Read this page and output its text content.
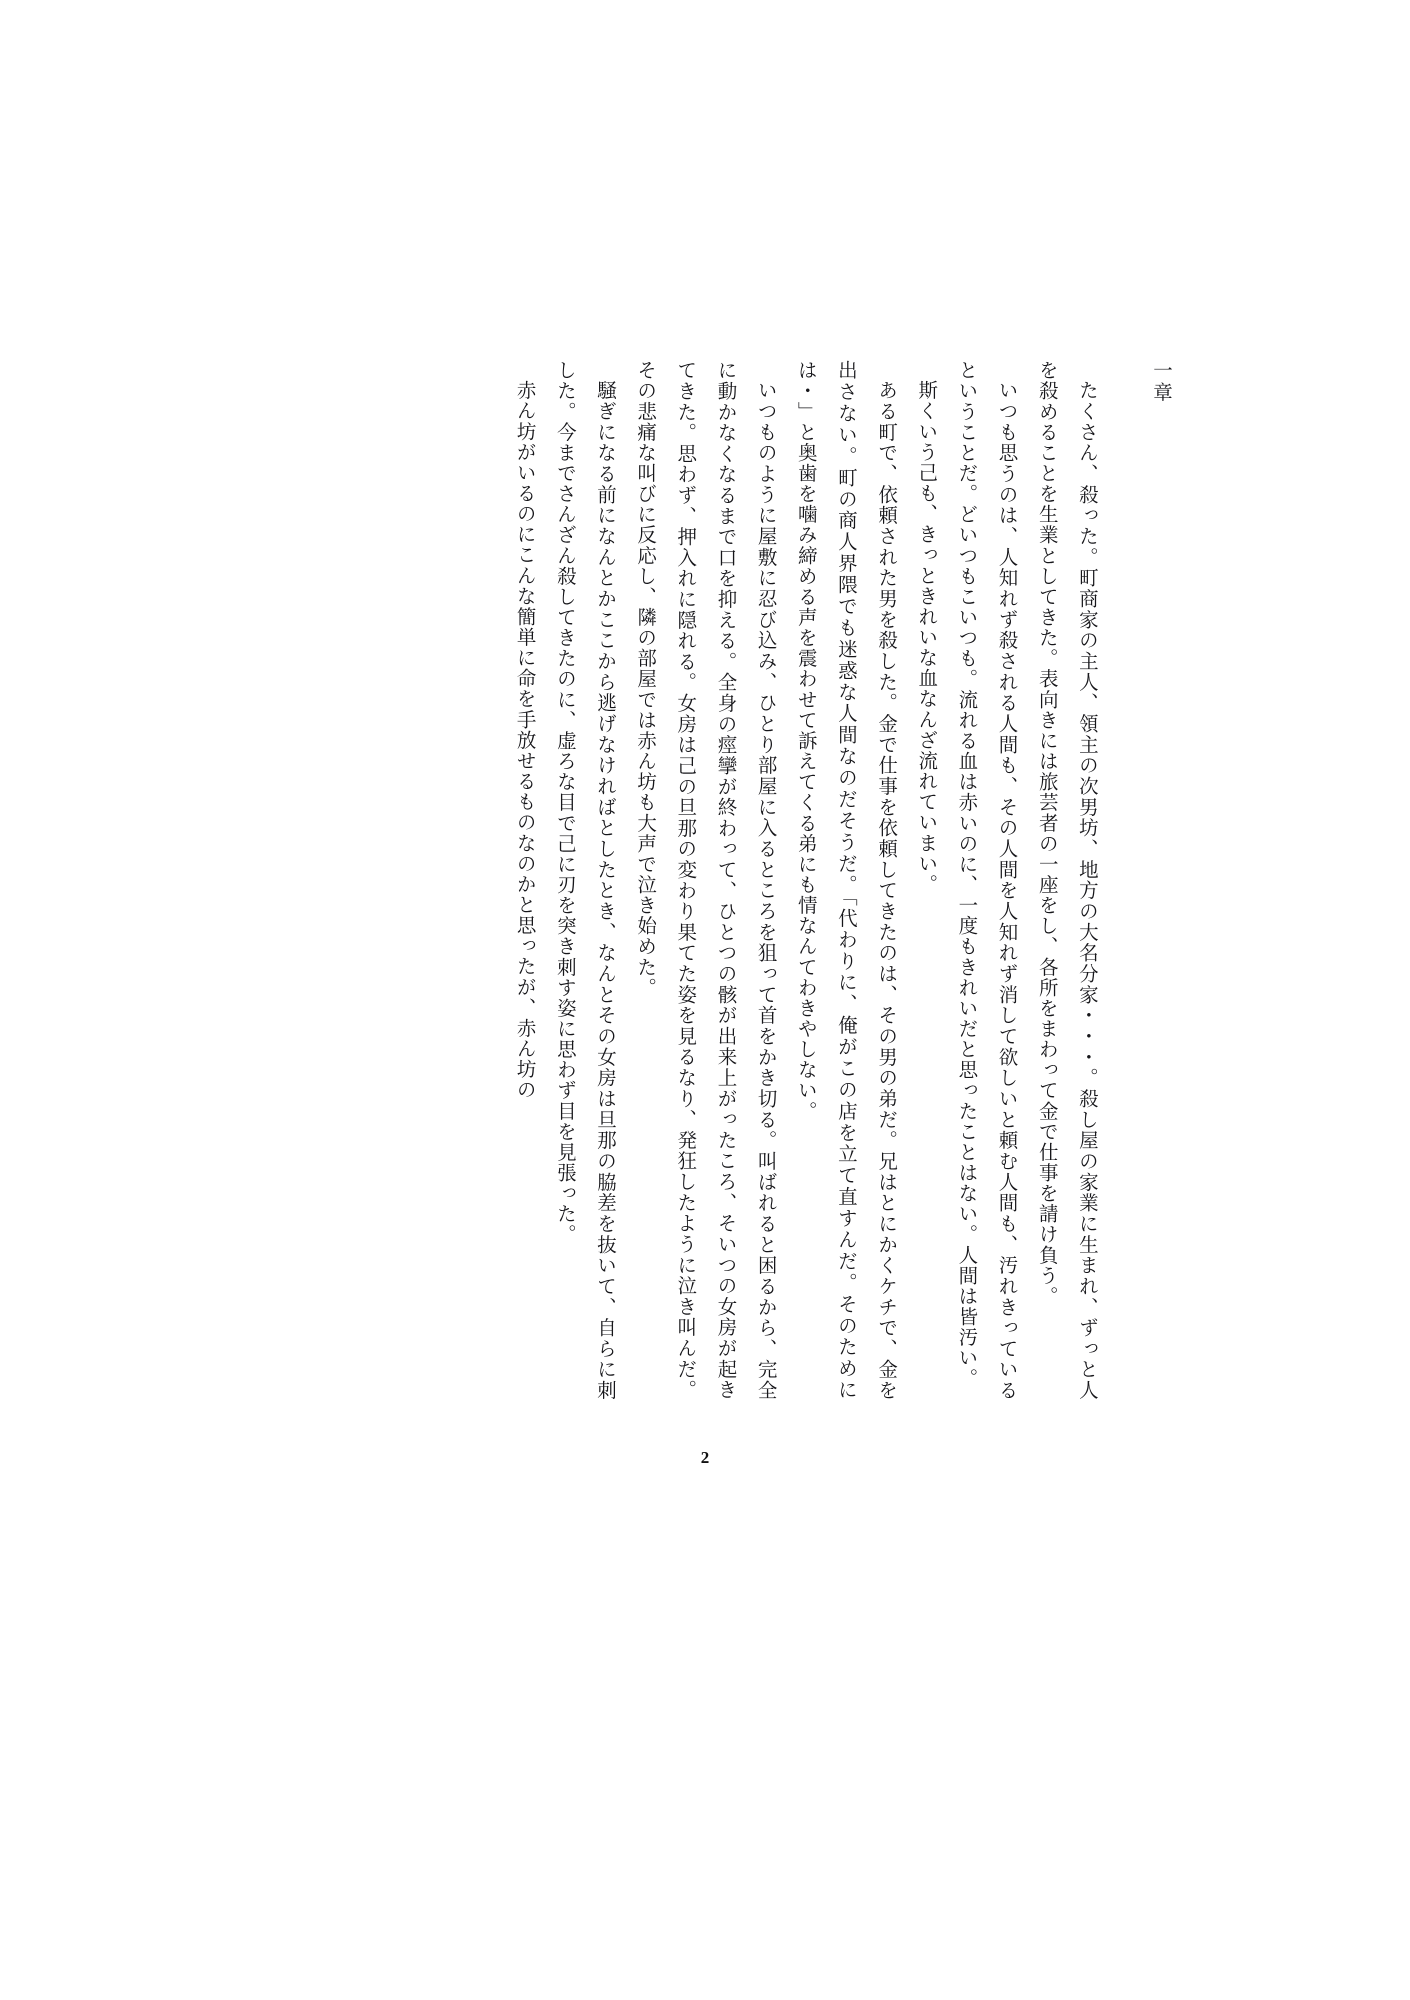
一章

たくさん、殺った。町商家の主人、領主の次男坊、地方の大名分家・・・。殺し屋の家業に生まれ、ずっと人を殺めることを生業としてきた。表向きには旅芸者の一座をし、各所をまわって金で仕事を請け負う。

いつも思うのは、人知れず殺される人間も、その人間を人知れず消して欲しいと頼む人間も、汚れきっているということだ。どいつもこいつも。流れる血は赤いのに、一度もきれいだと思ったことはない。人間は皆汚い。

斯くいう己も、きっときれいな血なんざ流れていまい。

ある町で、依頼された男を殺した。金で仕事を依頼してきたのは、その男の弟だ。兄はとにかくケチで、金を出さない。町の商人界隈でも迷惑な人間なのだそうだ。「代わりに、俺がこの店を立て直すんだ。そのためには・」と奥歯を噛み締める声を震わせて訴えてくる弟にも情なんてわきやしない。

いつものように屋敷に忍び込み、ひとり部屋に入るところを狙って首をかき切る。叫ばれると困るから、完全に動かなくなるまで口を抑える。全身の痙攣が終わって、ひとつの骸が出来上がったころ、そいつの女房が起きてきた。思わず、押入れに隠れる。女房は己の旦那の変わり果てた姿を見るなり、発狂したように泣き叫んだ。その悲痛な叫びに反応し、隣の部屋では赤ん坊も大声で泣き始めた。

騒ぎになる前になんとかここから逃げなければとしたとき、なんとその女房は旦那の脇差を抜いて、自らに刺した。今までさんざん殺してきたのに、虚ろな目で己に刃を突き刺す姿に思わず目を見張った。

赤ん坊がいるのにこんな簡単に命を手放せるものなのかと思ったが、赤ん坊の

2
